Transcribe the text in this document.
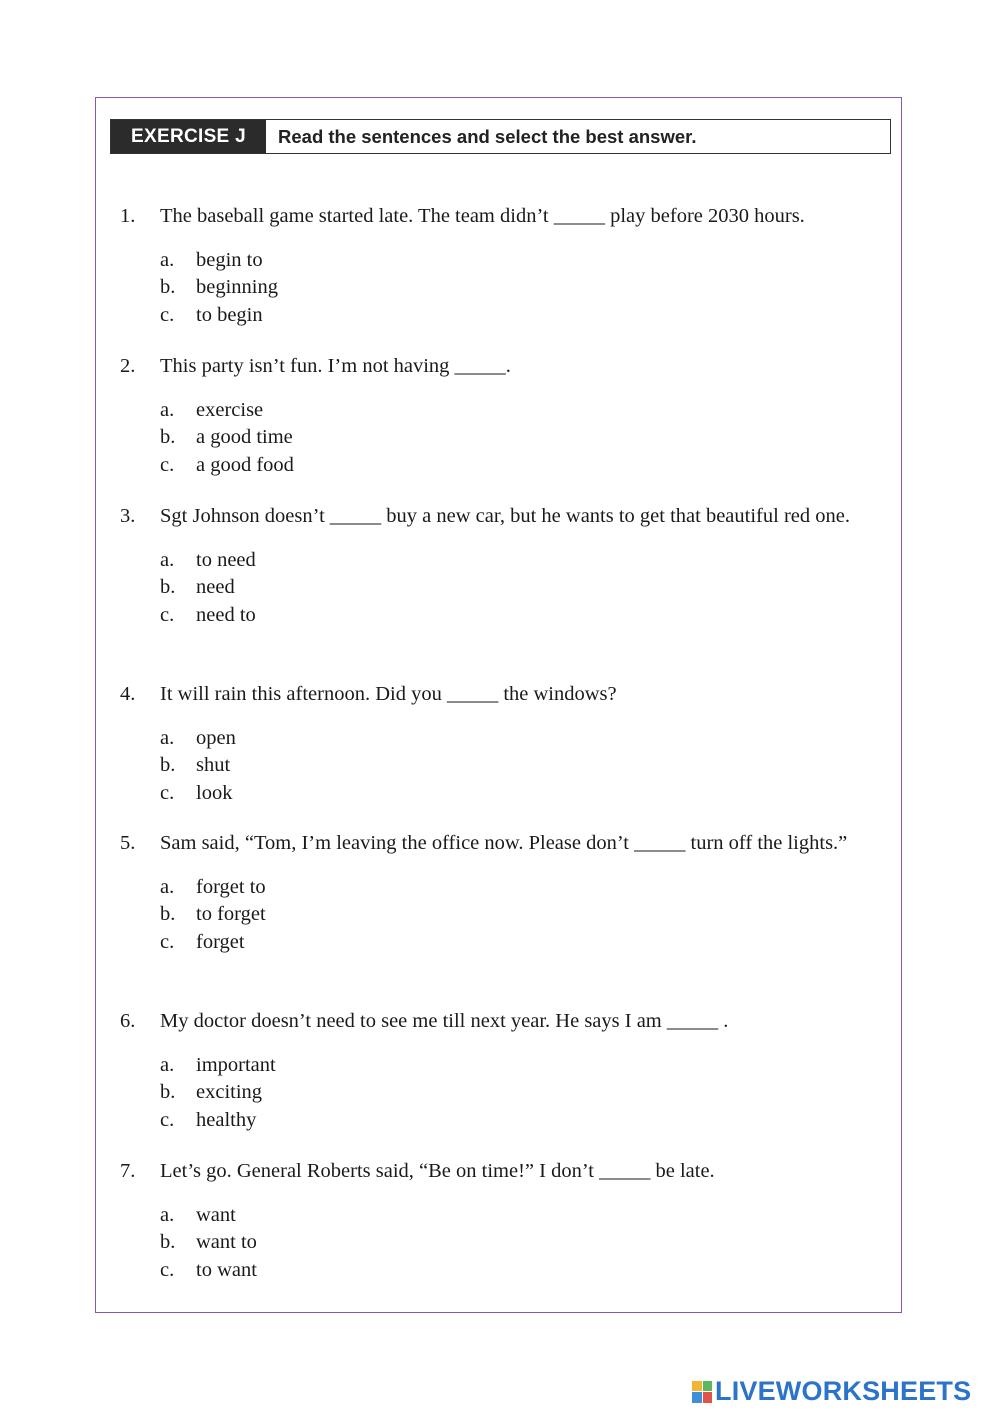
EXERCISE J	Read the sentences and select the best answer.
1.	The baseball game started late. The team didn’t _____ play before 2030 hours.
a.	begin to
b.	beginning
c.	to begin
2.	This party isn’t fun. I’m not having _____.
a.	exercise
b.	a good time
c.	a good food
3.	Sgt Johnson doesn’t _____ buy a new car, but he wants to get that beautiful red one.
a.	to need
b.	need
c.	need to
4.	It will rain this afternoon. Did you _____ the windows?
a.	open
b.	shut
c.	look
5.	Sam said, “Tom, I’m leaving the office now. Please don’t _____ turn off the lights.”
a.	forget to
b.	to forget
c.	forget
6.	My doctor doesn’t need to see me till next year. He says I am _____ .
a.	important
b.	exciting
c.	healthy
7.	Let’s go. General Roberts said, “Be on time!” I don’t _____ be late.
a.	want
b.	want to
c.	to want
LIVEWORKSHEETS
